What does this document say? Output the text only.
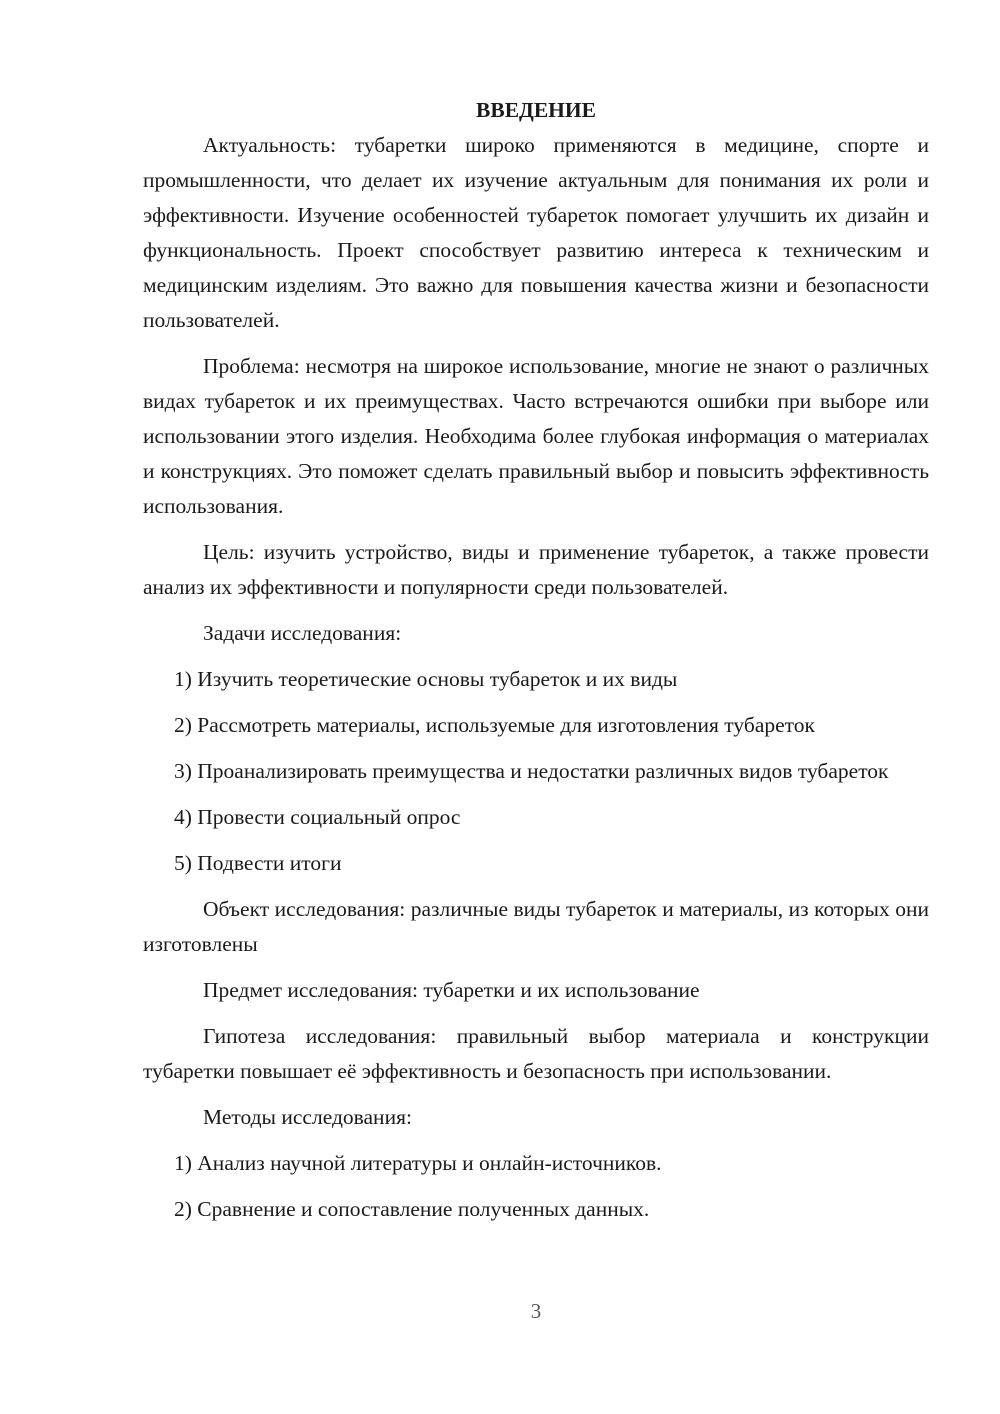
ВВЕДЕНИЕ

Актуальность: тубаретки широко применяются в медицине, спорте и промышленности, что делает их изучение актуальным для понимания их роли и эффективности. Изучение особенностей тубареток помогает улучшить их дизайн и функциональность. Проект способствует развитию интереса к техническим и медицинским изделиям. Это важно для повышения качества жизни и безопасности пользователей.

Проблема: несмотря на широкое использование, многие не знают о различных видах тубареток и их преимуществах. Часто встречаются ошибки при выборе или использовании этого изделия. Необходима более глубокая информация о материалах и конструкциях. Это поможет сделать правильный выбор и повысить эффективность использования.

Цель: изучить устройство, виды и применение тубареток, а также провести анализ их эффективности и популярности среди пользователей.

Задачи исследования:

1) Изучить теоретические основы тубареток и их виды

2) Рассмотреть материалы, используемые для изготовления тубареток

3) Проанализировать преимущества и недостатки различных видов тубареток

4) Провести социальный опрос

5) Подвести итоги

Объект исследования: различные виды тубареток и материалы, из которых они изготовлены

Предмет исследования: тубаретки и их использование

Гипотеза исследования: правильный выбор материала и конструкции тубаретки повышает её эффективность и безопасность при использовании.

Методы исследования:

1) Анализ научной литературы и онлайн-источников.

2) Сравнение и сопоставление полученных данных.

3
